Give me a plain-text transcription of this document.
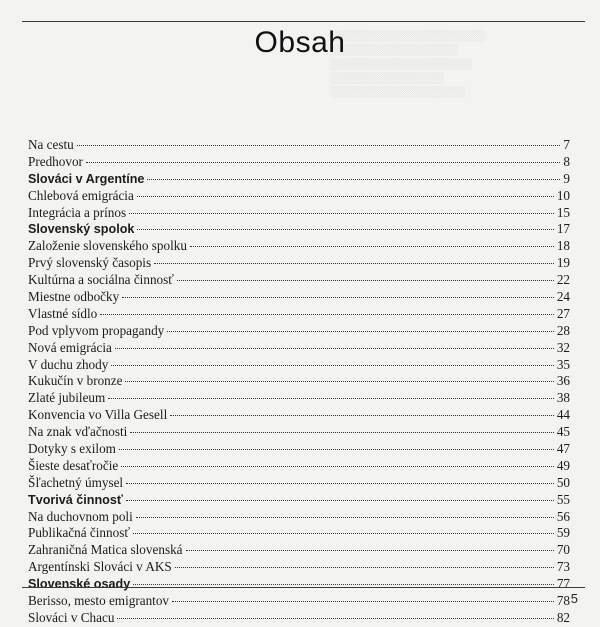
░░░░░░░░░░░░░░░░░░░░░░
░░░░░░░░░░░░░░░░░░
░░░░░░░░░░░░░░░░░░░░
░░░░░░░░░░░░░░░░
░░░░░░░░░░░░░░░░░░░
Obsah
Na cestu	7
Predhovor	8
Slováci v Argentíne	9
Chlebová emigrácia	10
Integrácia a prínos	15
Slovenský spolok	17
Založenie slovenského spolku	18
Prvý slovenský časopis	19
Kultúrna a sociálna činnosť	22
Miestne odbočky	24
Vlastné sídlo	27
Pod vplyvom propagandy	28
Nová emigrácia	32
V duchu zhody	35
Kukučín v bronze	36
Zlaté jubileum	38
Konvencia vo Villa Gesell	44
Na znak vďačnosti	45
Dotyky s exilom	47
Šieste desaťročie	49
Šľachetný úmysel	50
Tvorivá činnosť	55
Na duchovnom poli	56
Publikačná činnosť	59
Zahraničná Matica slovenská	70
Argentínski Slováci v AKS	73
Slovenské osady	77
Berisso, mesto emigrantov	78
Slováci v Chacu	82
5
